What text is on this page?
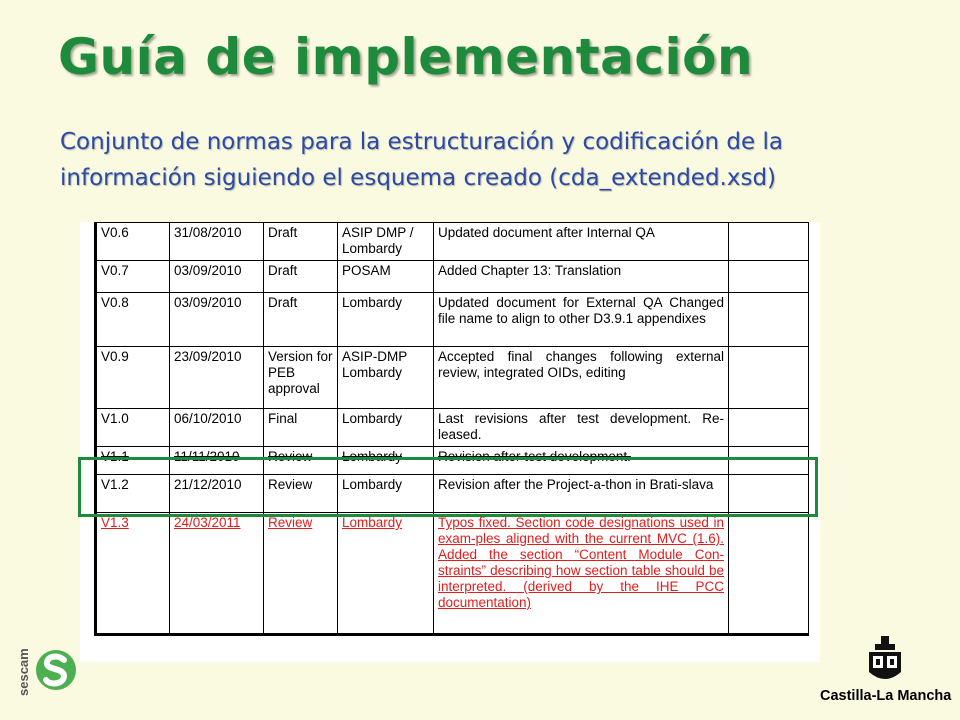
Guía de implementación
Conjunto de normas para la estructuración y codificación de la información siguiendo el esquema creado (cda_extended.xsd)
V0.6	31/08/2010	Draft	ASIP DMP / Lombardy	Updated document after Internal QA	
V0.7	03/09/2010	Draft	POSAM	Added Chapter 13: Translation	
V0.8	03/09/2010	Draft	Lombardy	Updated document for External QA Changed file name to align to other D3.9.1 appendixes	
V0.9	23/09/2010	Version for PEB approval	ASIP-DMP Lombardy	Accepted final changes following external review, integrated OIDs, editing	
V1.0	06/10/2010	Final	Lombardy	Last revisions after test development. Re-leased.	
V1.1	11/11/2010	Review	Lombardy	Revision after test development.	
V1.2	21/12/2010	Review	Lombardy	Revision after the Project-a-thon in Brati-slava	
V1.3	24/03/2011	Review	Lombardy	Typos fixed. Section code designations used in exam-ples aligned with the current MVC (1.6). Added the section “Content Module Con-straints” describing how section table should be interpreted. (derived by the IHE PCC documentation)	
sescam	Castilla-La Mancha
